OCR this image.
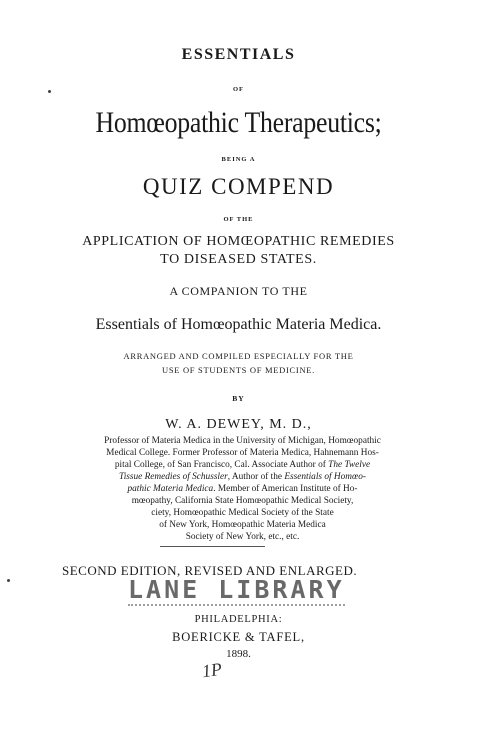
ESSENTIALS
OF
Homœopathic Therapeutics;
BEING A
QUIZ COMPEND
OF THE
APPLICATION OF HOMŒOPATHIC REMEDIES
TO DISEASED STATES.
A COMPANION TO THE
Essentials of Homœopathic Materia Medica.
ARRANGED AND COMPILED ESPECIALLY FOR THE
USE OF STUDENTS OF MEDICINE.
BY
W. A. DEWEY, M. D.,
Professor of Materia Medica in the University of Michigan, Homœopathic
Medical College. Former Professor of Materia Medica, Hahnemann Hos-
pital College, of San Francisco, Cal. Associate Author of The Twelve
Tissue Remedies of Schussler, Author of the Essentials of Homœo-
pathic Materia Medica. Member of American Institute of Ho-
mœopathy, California State Homœopathic Medical Society,
ciety, Homœopathic Medical Society of the State
of New York, Homœopathic Materia Medica
Society of New York, etc., etc.
SECOND EDITION, REVISED AND ENLARGED.
LANE LIBRARY
PHILADELPHIA:
BOERICKE & TAFEL,
1898.
1P
